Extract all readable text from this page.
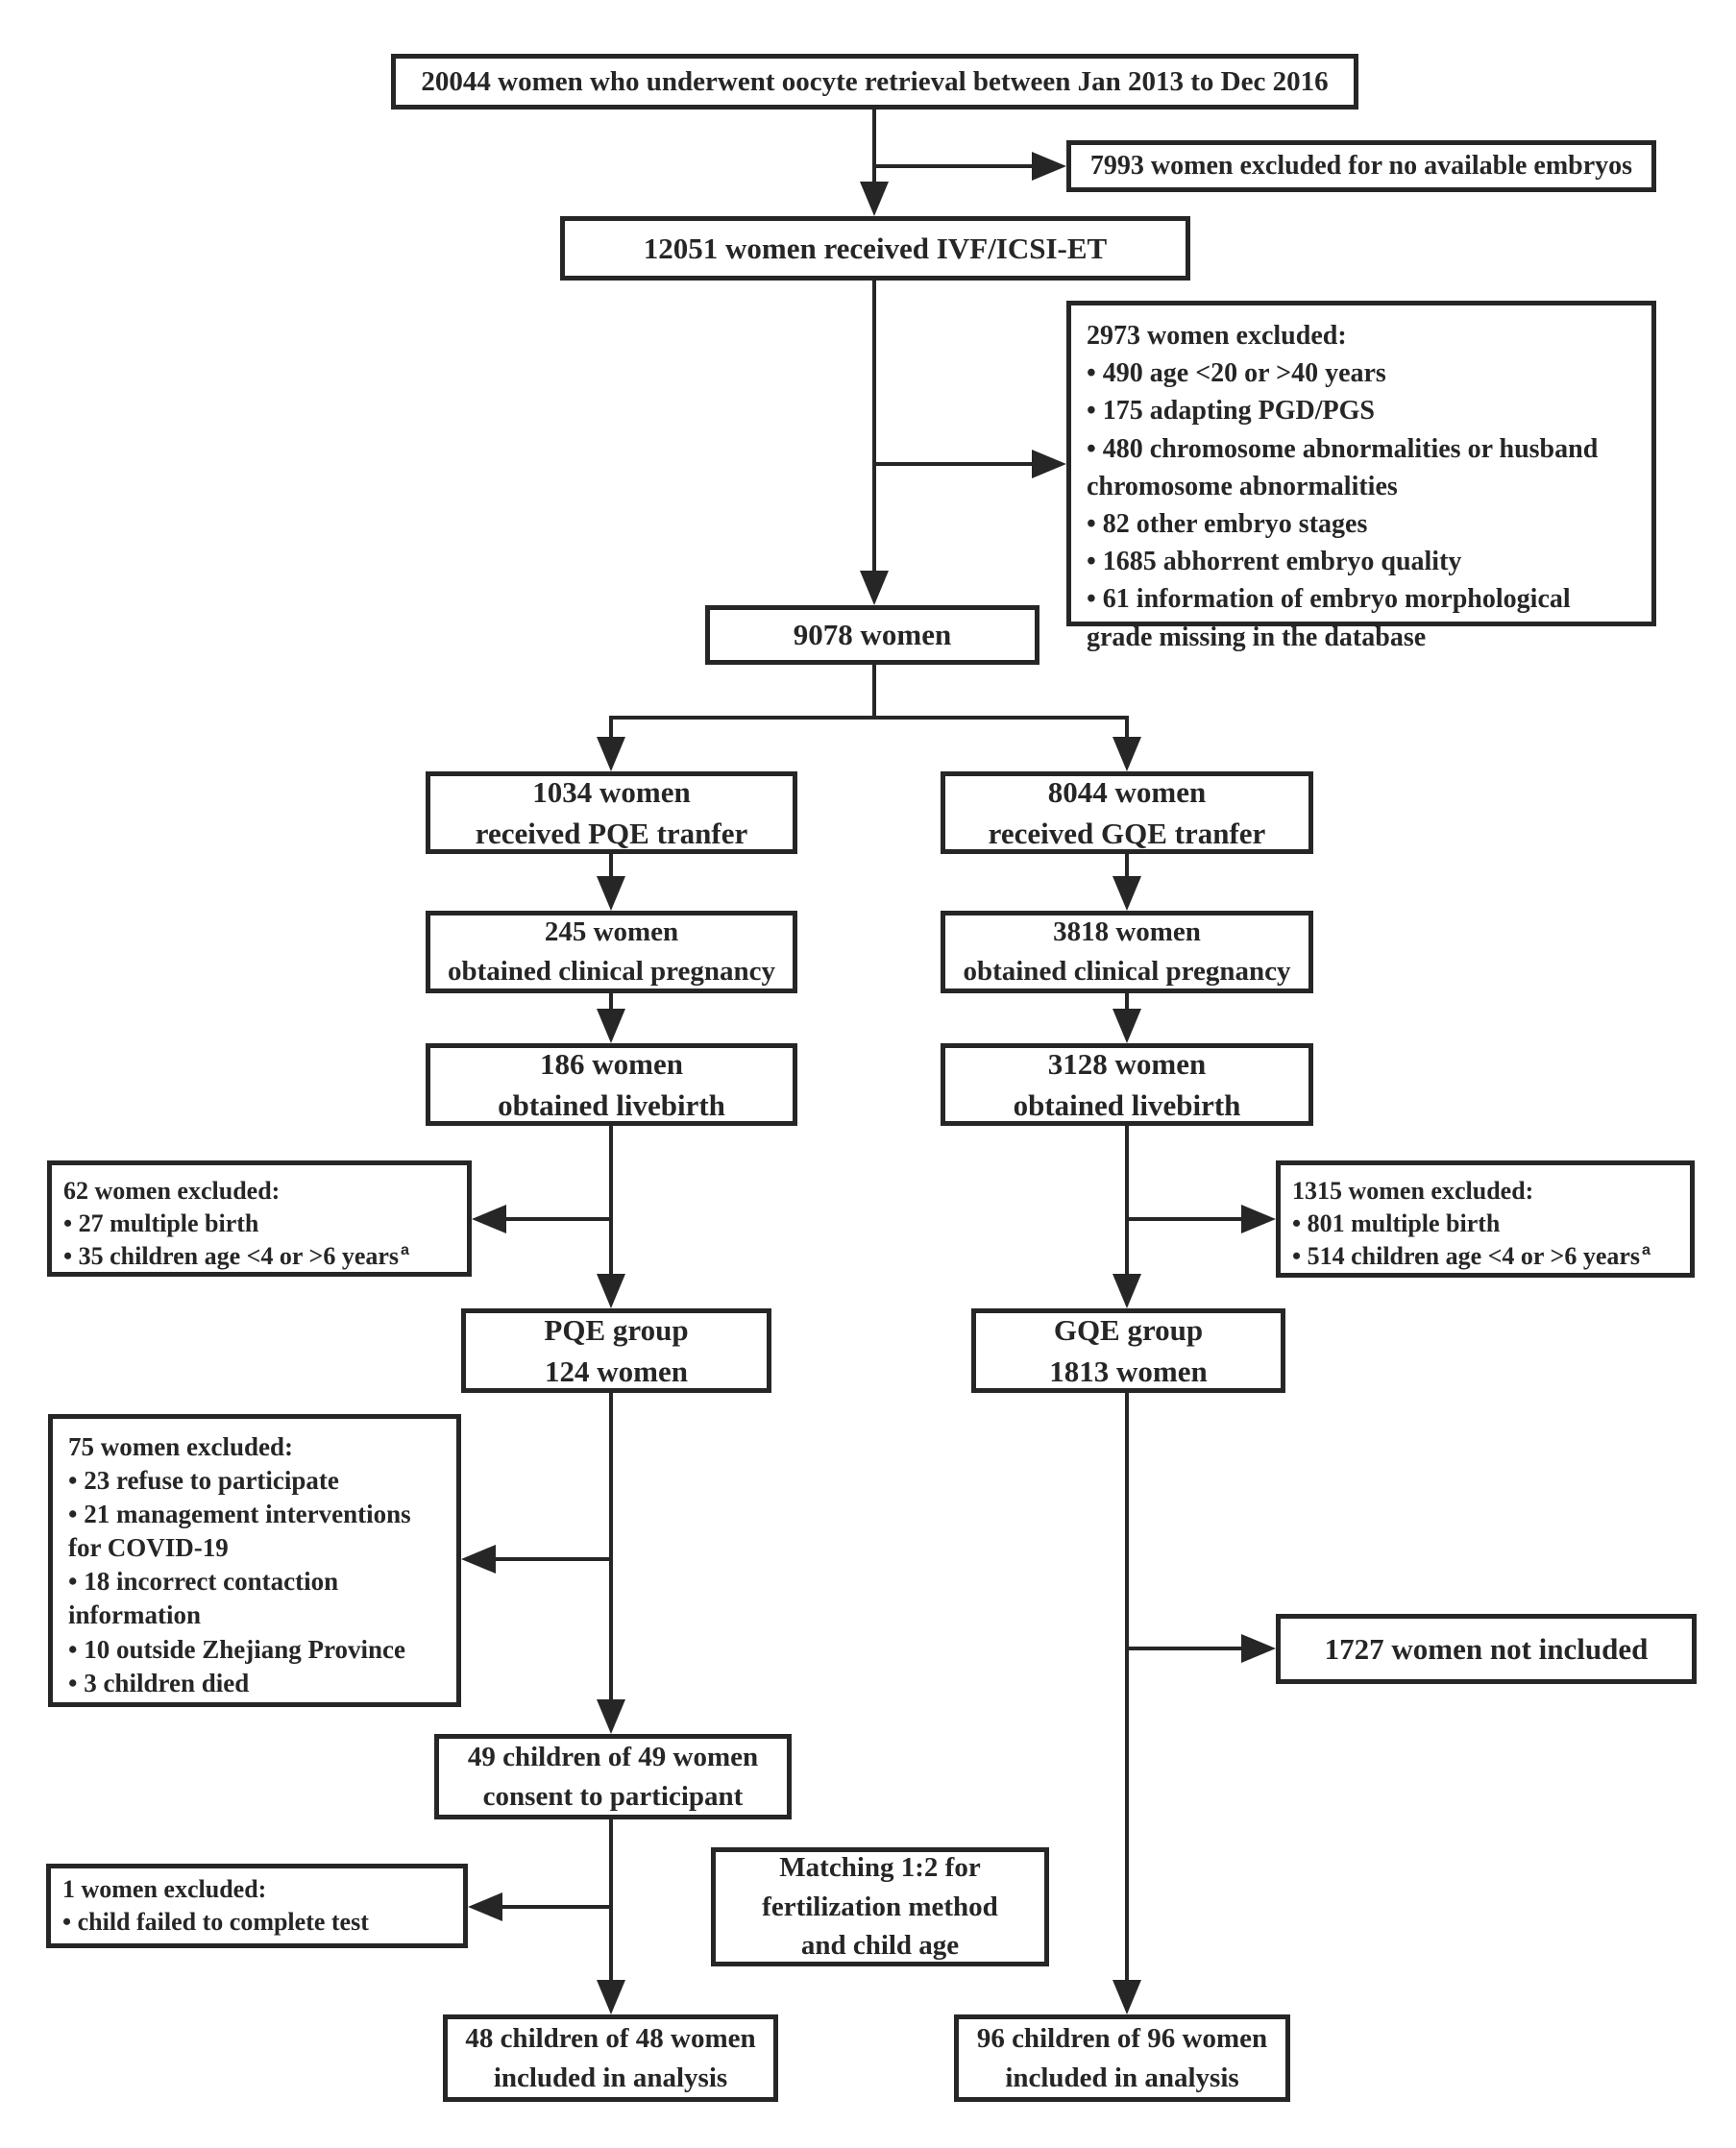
20044 women who underwent oocyte retrieval between Jan 2013 to Dec 2016
7993 women excluded for no available embryos
12051 women received IVF/ICSI-ET
2973 women excluded:
• 490 age <20 or >40 years
• 175 adapting PGD/PGS
• 480 chromosome abnormalities or husband chromosome abnormalities
• 82 other embryo stages
• 1685 abhorrent embryo quality
• 61 information of embryo morphological grade missing in the database
9078 women
1034 women
received PQE tranfer
8044 women
received GQE tranfer
245 women
obtained clinical pregnancy
3818 women
obtained clinical pregnancy
186 women
obtained livebirth
3128 women
obtained livebirth
62 women excluded:
• 27 multiple birth
• 35 children age <4 or >6 years $^a$
1315 women excluded:
• 801 multiple birth
• 514 children age <4 or >6 years $^a$
PQE group
124 women
GQE group
1813 women
75 women excluded:
• 23 refuse to participate
• 21 management interventions for COVID-19
• 18 incorrect contaction information
• 10 outside Zhejiang Province
• 3 children died
1727 women not included
49 children of 49 women
consent to participant
1 women excluded:
• child failed to complete test
Matching 1:2 for
fertilization method
and child age
48 children of 48 women
included in analysis
96 children of 96 women
included in analysis
